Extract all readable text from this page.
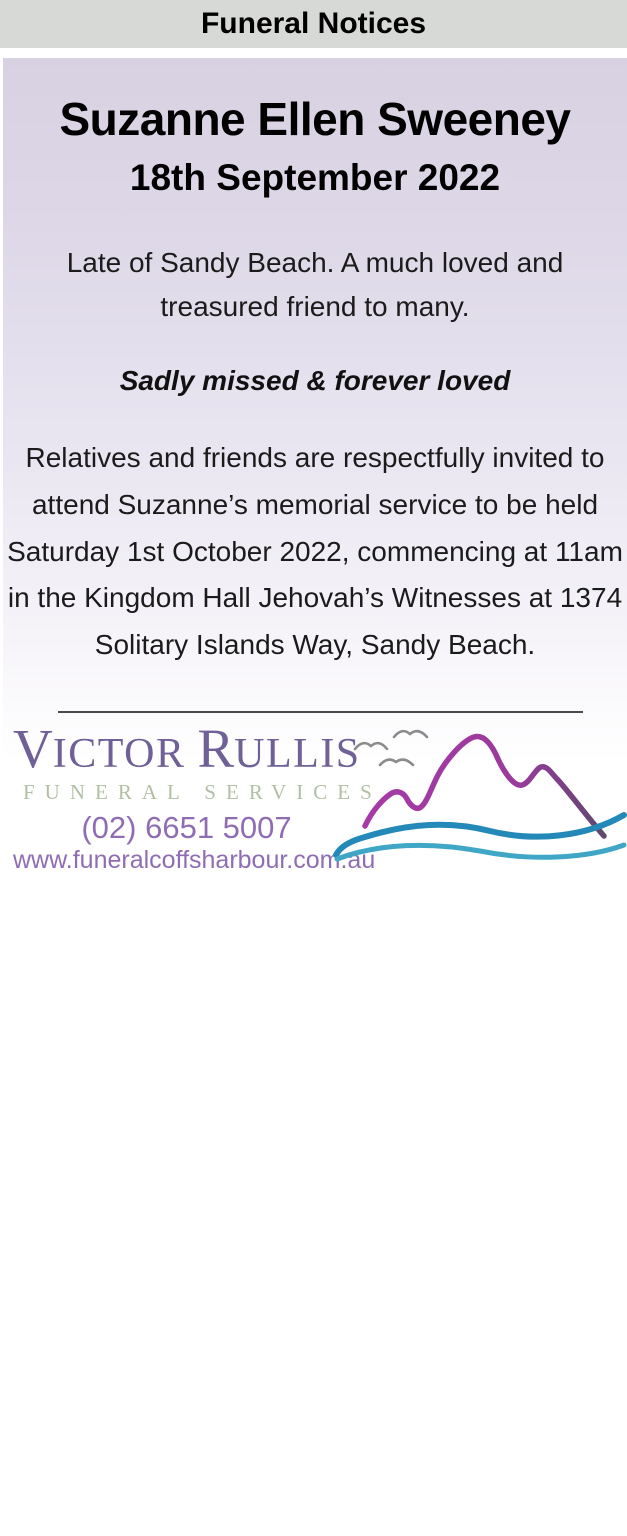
Funeral Notices
Suzanne Ellen Sweeney
18th September 2022

Late of Sandy Beach. A much loved and treasured friend to many.

Sadly missed & forever loved

Relatives and friends are respectfully invited to attend Suzanne’s memorial service to be held Saturday 1st October 2022, commencing at 11am in the Kingdom Hall Jehovah’s Witnesses at 1374 Solitary Islands Way, Sandy Beach.

VICTOR RULLIS
FUNERAL SERVICES
(02) 6651 5007
www.funeralcoffsharbour.com.au
